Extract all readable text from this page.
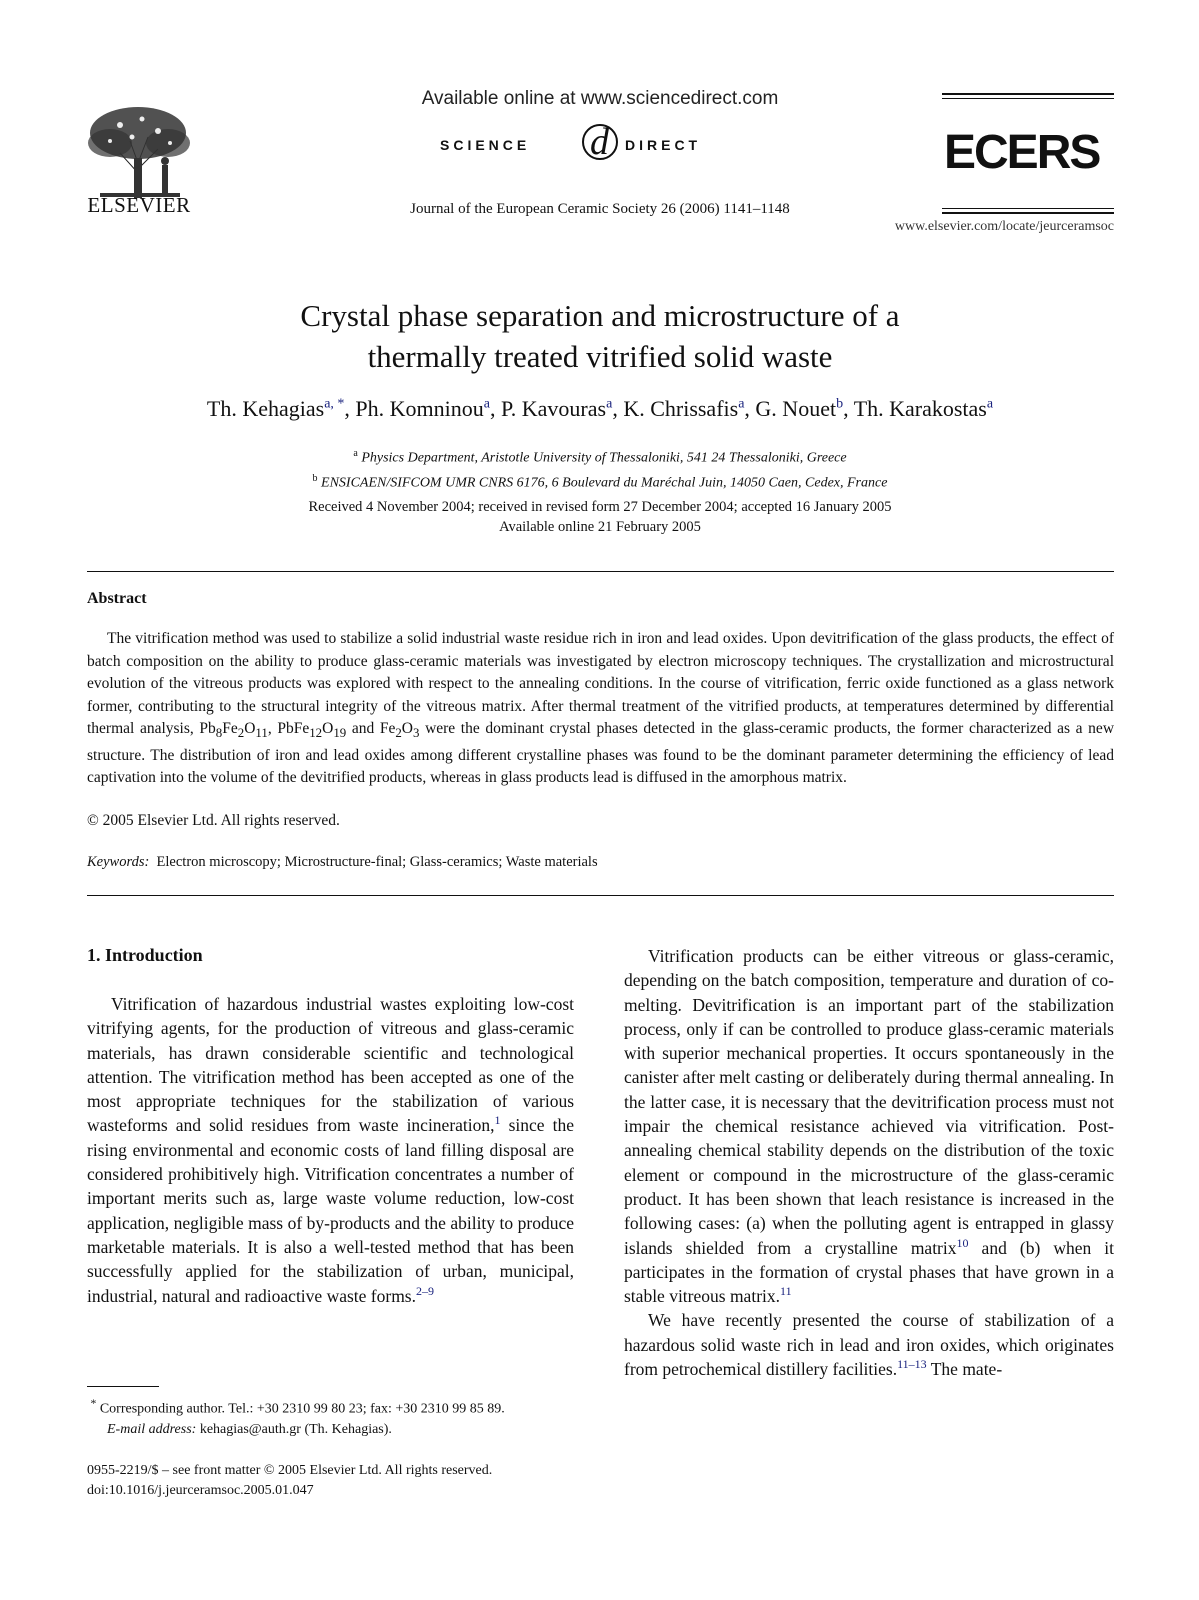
ELSEVIER
Available online at www.sciencedirect.com
SCIENCE d DIRECT
Journal of the European Ceramic Society 26 (2006) 1141–1148
ECERS
www.elsevier.com/locate/jeurceramsoc
Crystal phase separation and microstructure of a
thermally treated vitrified solid waste
Th. Kehagias$^{a, *}$, Ph. Komninou$^a$, P. Kavouras$^a$, K. Chrissafis$^a$, G. Nouet$^b$, Th. Karakostas$^a$
$^a$ Physics Department, Aristotle University of Thessaloniki, 541 24 Thessaloniki, Greece
$^b$ ENSICAEN/SIFCOM UMR CNRS 6176, 6 Boulevard du Maréchal Juin, 14050 Caen, Cedex, France
Received 4 November 2004; received in revised form 27 December 2004; accepted 16 January 2005
Available online 21 February 2005
Abstract

The vitrification method was used to stabilize a solid industrial waste residue rich in iron and lead oxides. Upon devitrification of the glass products, the effect of batch composition on the ability to produce glass-ceramic materials was investigated by electron microscopy techniques. The crystallization and microstructural evolution of the vitreous products was explored with respect to the annealing conditions. In the course of vitrification, ferric oxide functioned as a glass network former, contributing to the structural integrity of the vitreous matrix. After thermal treatment of the vitrified products, at temperatures determined by differential thermal analysis, $Pb_8Fe_2O_{11}$, $PbFe_{12}O_{19}$ and $Fe_2O_3$ were the dominant crystal phases detected in the glass-ceramic products, the former characterized as a new structure. The distribution of iron and lead oxides among different crystalline phases was found to be the dominant parameter determining the efficiency of lead captivation into the volume of the devitrified products, whereas in glass products lead is diffused in the amorphous matrix.

© 2005 Elsevier Ltd. All rights reserved.
Keywords: Electron microscopy; Microstructure-final; Glass-ceramics; Waste materials
1. Introduction

Vitrification of hazardous industrial wastes exploiting low-cost vitrifying agents, for the production of vitreous and glass-ceramic materials, has drawn considerable scientific and technological attention. The vitrification method has been accepted as one of the most appropriate techniques for the stabilization of various wasteforms and solid residues from waste incineration,$^1$ since the rising environmental and economic costs of land filling disposal are considered prohibitively high. Vitrification concentrates a number of important merits such as, large waste volume reduction, low-cost application, negligible mass of by-products and the ability to produce marketable materials. It is also a well-tested method that has been successfully applied for the stabilization of urban, municipal, industrial, natural and radioactive waste forms.$^{2-9}$

* Corresponding author. Tel.: +30 2310 99 80 23; fax: +30 2310 99 85 89.
E-mail address: kehagias@auth.gr (Th. Kehagias).
0955-2219/$ – see front matter © 2005 Elsevier Ltd. All rights reserved.
doi:10.1016/j.jeurceramsoc.2005.01.047

Vitrification products can be either vitreous or glass-ceramic, depending on the batch composition, temperature and duration of co-melting. Devitrification is an important part of the stabilization process, only if can be controlled to produce glass-ceramic materials with superior mechanical properties. It occurs spontaneously in the canister after melt casting or deliberately during thermal annealing. In the latter case, it is necessary that the devitrification process must not impair the chemical resistance achieved via vitrification. Post-annealing chemical stability depends on the distribution of the toxic element or compound in the microstructure of the glass-ceramic product. It has been shown that leach resistance is increased in the following cases: (a) when the polluting agent is entrapped in glassy islands shielded from a crystalline matrix$^{10}$ and (b) when it participates in the formation of crystal phases that have grown in a stable vitreous matrix.$^{11}$

We have recently presented the course of stabilization of a hazardous solid waste rich in lead and iron oxides, which originates from petrochemical distillery facilities.$^{11-13}$ The mate-
